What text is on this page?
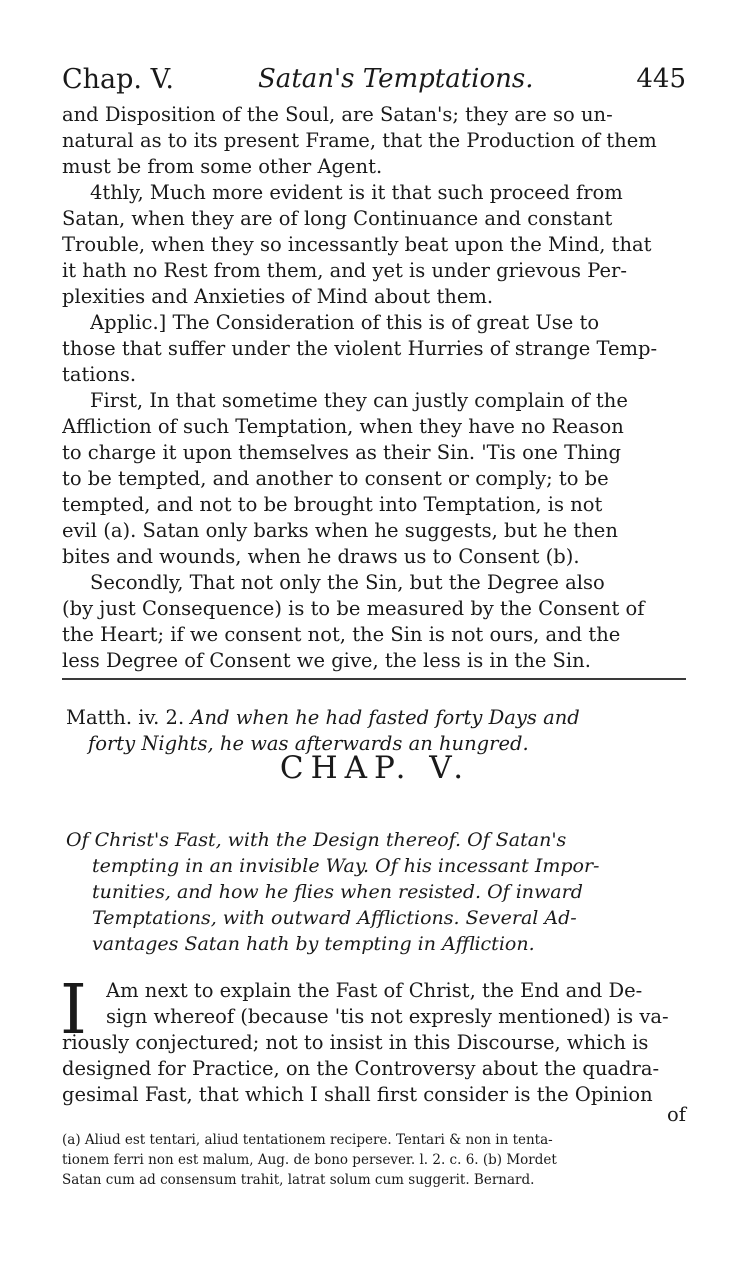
Chap. V.	Satan's Temptations.	445
and Disposition of the Soul, are Satan's; they are so un-
natural as to its present Frame, that the Production of them
must be from some other Agent.
4thly, Much more evident is it that such proceed from
Satan, when they are of long Continuance and constant
Trouble, when they so incessantly beat upon the Mind, that
it hath no Rest from them, and yet is under grievous Per-
plexities and Anxieties of Mind about them.
Applic.] The Consideration of this is of great Use to
those that suffer under the violent Hurries of strange Temp-
tations.
First, In that sometime they can justly complain of the
Affliction of such Temptation, when they have no Reason
to charge it upon themselves as their Sin. 'Tis one Thing
to be tempted, and another to consent or comply; to be
tempted, and not to be brought into Temptation, is not
evil (a). Satan only barks when he suggests, but he then
bites and wounds, when he draws us to Consent (b).
Secondly, That not only the Sin, but the Degree also
(by just Consequence) is to be measured by the Consent of
the Heart; if we consent not, the Sin is not ours, and the
less Degree of Consent we give, the less is in the Sin.
Matth. iv. 2. And when he had fasted forty Days and
forty Nights, he was afterwards an hungred.
CHAP. V.
Of Christ's Fast, with the Design thereof. Of Satan's
tempting in an invisible Way. Of his incessant Impor-
tunities, and how he flies when resisted. Of inward
Temptations, with outward Afflictions. Several Ad-
vantages Satan hath by tempting in Affliction.
I Am next to explain the Fast of Christ, the End and De-
sign whereof (because 'tis not expresly mentioned) is va-
riously conjectured; not to insist in this Discourse, which is
designed for Practice, on the Controversy about the quadra-
gesimal Fast, that which I shall first consider is the Opinion
of
(a) Aliud est tentari, aliud tentationem recipere. Tentari & non in tenta-
tionem ferri non est malum, Aug. de bono persever. l. 2. c. 6. (b) Mordet
Satan cum ad consensum trahit, latrat solum cum suggerit. Bernard.
